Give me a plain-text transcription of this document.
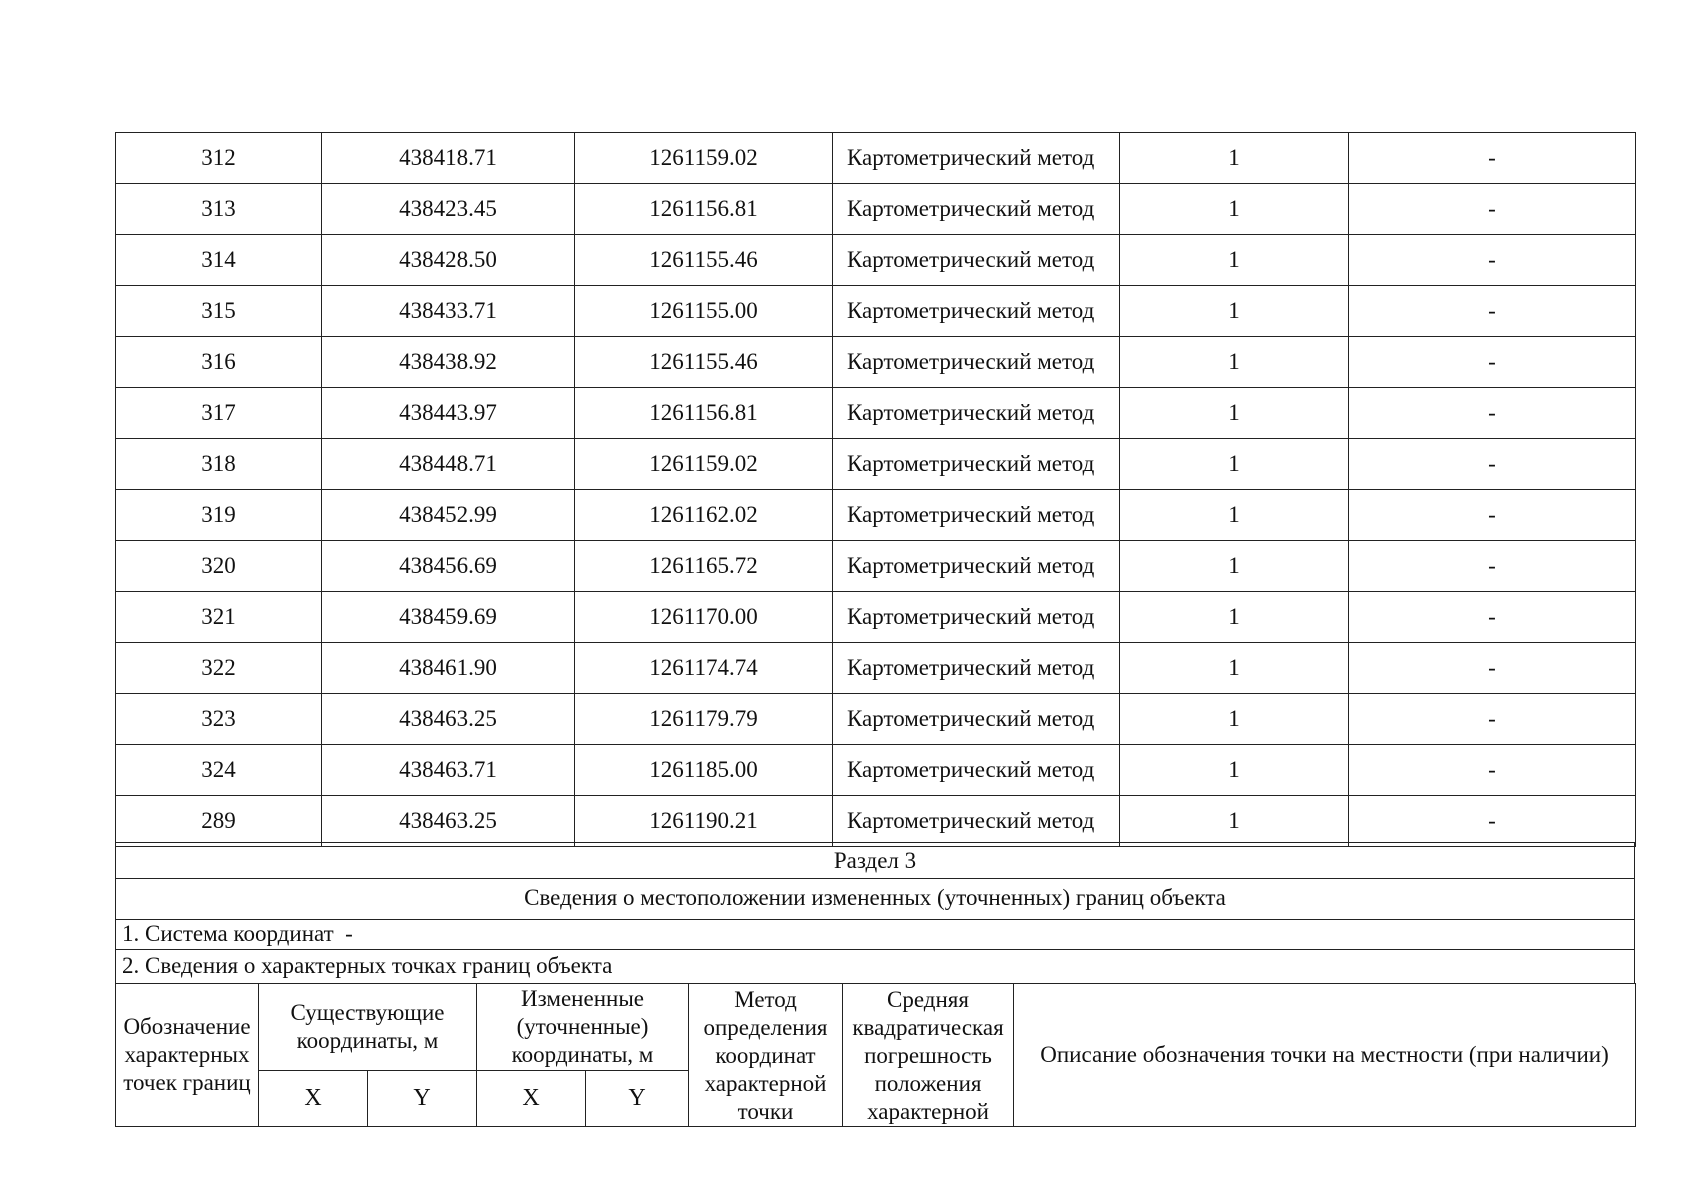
312	438418.71	1261159.02	Картометрический метод	1	-
313	438423.45	1261156.81	Картометрический метод	1	-
314	438428.50	1261155.46	Картометрический метод	1	-
315	438433.71	1261155.00	Картометрический метод	1	-
316	438438.92	1261155.46	Картометрический метод	1	-
317	438443.97	1261156.81	Картометрический метод	1	-
318	438448.71	1261159.02	Картометрический метод	1	-
319	438452.99	1261162.02	Картометрический метод	1	-
320	438456.69	1261165.72	Картометрический метод	1	-
321	438459.69	1261170.00	Картометрический метод	1	-
322	438461.90	1261174.74	Картометрический метод	1	-
323	438463.25	1261179.79	Картометрический метод	1	-
324	438463.71	1261185.00	Картометрический метод	1	-
289	438463.25	1261190.21	Картометрический метод	1	-
Раздел 3
Сведения о местоположении измененных (уточненных) границ объекта
1. Система координат -
2. Сведения о характерных точках границ объекта
Обозначение характерных точек границ	Существующие координаты, м		Измененные (уточненные) координаты, м		Метод определения координат характерной точки	Средняя квадратическая погрешность положения характерной	Описание обозначения точки на местности (при наличии)
	X	Y	X	Y			
